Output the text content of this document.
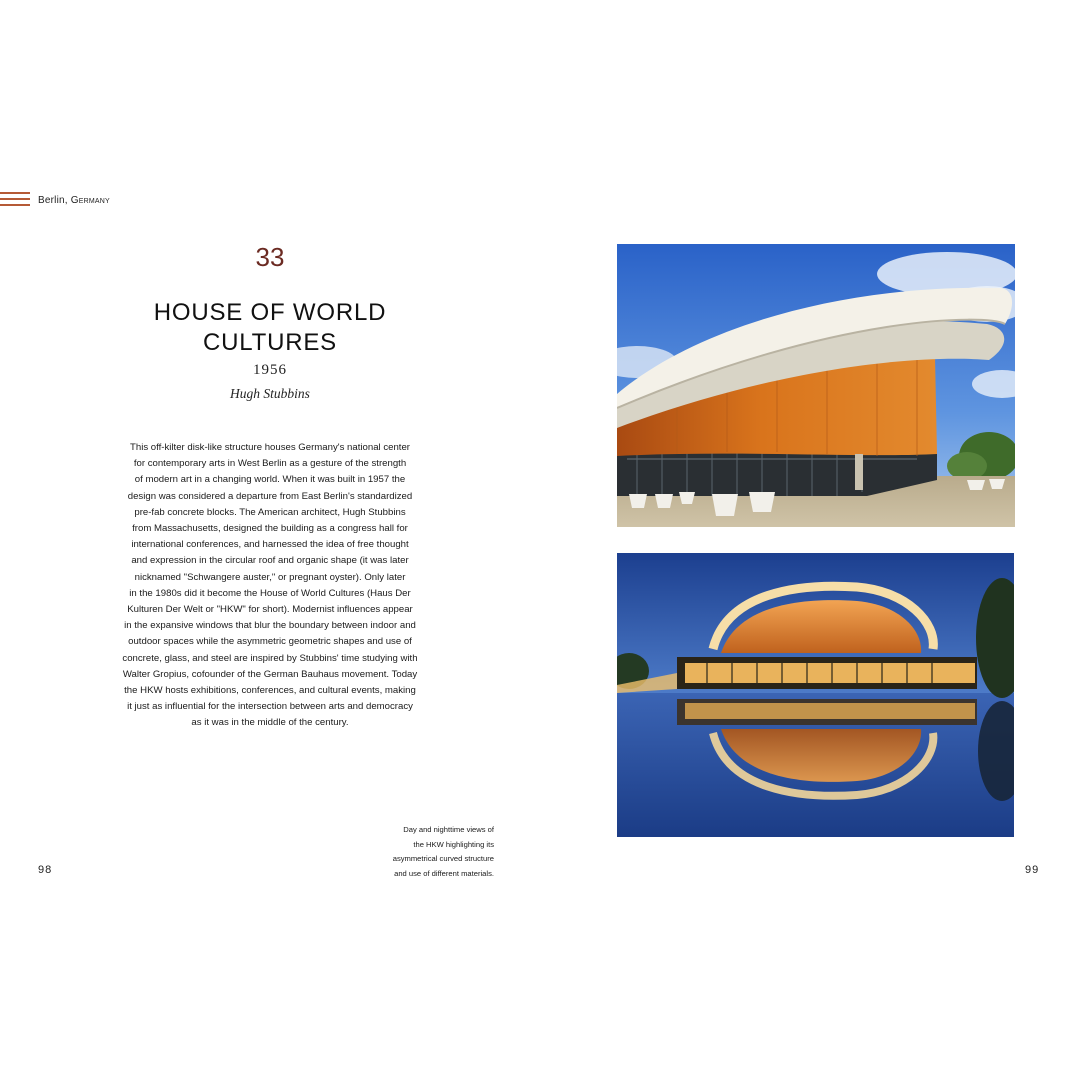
Berlin, Germany
33
HOUSE OF WORLD
CULTURES
1956
Hugh Stubbins
This off-kilter disk-like structure houses Germany's national center
for contemporary arts in West Berlin as a gesture of the strength
of modern art in a changing world. When it was built in 1957 the
design was considered a departure from East Berlin's standardized
pre-fab concrete blocks. The American architect, Hugh Stubbins
from Massachusetts, designed the building as a congress hall for
international conferences, and harnessed the idea of free thought
and expression in the circular roof and organic shape (it was later
nicknamed "Schwangere auster," or pregnant oyster). Only later
in the 1980s did it become the House of World Cultures (Haus Der
Kulturen Der Welt or "HKW" for short). Modernist influences appear
in the expansive windows that blur the boundary between indoor and
outdoor spaces while the asymmetric geometric shapes and use of
concrete, glass, and steel are inspired by Stubbins' time studying with
Walter Gropius, cofounder of the German Bauhaus movement. Today
the HKW hosts exhibitions, conferences, and cultural events, making
it just as influential for the intersection between arts and democracy
as it was in the middle of the century.
Day and nighttime views of
the HKW highlighting its
asymmetrical curved structure
and use of different materials.
98	99
